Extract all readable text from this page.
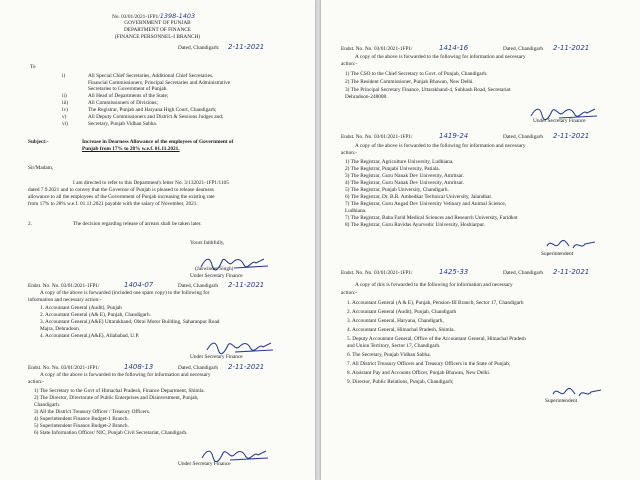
No. 03/01/2021-1FP1/1398-1403
GOVERNMENT OF PUNJAB
DEPARTMENT OF FINANCE
(FINANCE PERSONNEL-I BRANCH)
Dated, Chandigarh: 2-11-2021
To
i)	All Special Chief Secretaries, Additional Chief Secretaries,
Financial Commissioners, Principal Secretaries and Administrative
Secretaries to Government of Punjab.
ii)	All Head of Departments of the State;
iii)	All Commissioners of Divisions;
iv)	The Registrar, Punjab and Haryana High Court, Chandigarh;
v)	All Deputy Commissioners and District & Sessions Judges and;
vi)	Secretary, Punjab Vidhan Sabha.
Subject:-	Increase in Dearness Allowance of the employees of Government of
Punjab from 17% to 28% w.e.f. 01.11.2021.
Sir/Madam,
I am directed to refer to this Department's letter No. 3/132021-1FP1/1105
dated 7.9.2021 and to convey that the Governor of Punjab is pleased to release dearness
allowance to all the employees of the Government of Punjab increasing the existing rate
from 17% to 28% w.e.f. 01.11.2021 payable with the salary of November, 2021.
2.	The decision regarding release of arrears shall be taken later.
Yours faithfully,
(Jaswinder Singh)
Under Secretary Finance
Endst. No. No. 03/01/2021-1FP1/	1404-07	Dated, Chandigarh 2-11-2021
A copy of the above is forwarded (included one spare copy) to the following for
information and necessary action:-
1. Accountant General (Audit), Punjab
2. Accountant General (A& E), Punjab, Chandigarh.
3. Accountant General,(A&E) Uttarakhand, Obrai Motor Building, Saharanpur Road
Majra, Dehradoon.
4. Accountant General,(A&E), Allahabad, U.P.
Under Secretary Finance
Endst. No. No. 03/01/2021-1FP1/	1408-13	Dated, Chandigarh 2-11-2021
A copy of the above is forwarded to the following for information and necessary
action:-
1) The Secretary to the Govt of Himachal Pradesh, Finance Department, Shimla.
2) The Director, Directorate of Public Enterprises and Disinvestment, Punjab,
Chandigarh.
3) All the District Treasury Officer / Treasury Officers.
4) Superintendent Finance Budget-1 Branch.
5) Superintendent Finance Budget-2 Branch.
6) State Information Officer/ NIC, Punjab Civil Secretariat, Chandigarh.
Under Secretary Finance
Endst. No. No. 03/01/2021-1FP1/	1414-16	Dated, Chandigarh 2-11-2021
A copy of the above is forwarded to the following for information and necessary
action:-
1) The CSO to the Chief Secretary to Govt. of Punjab, Chandigarh.
2) The Resident Commissioner, Punjab Bhawan, New Delhi.
3) The Principal Secretary Finance, Uttarakhand-4, Subhash Road, Secretariat
Dehradoon-248008.
Under Secretary Finance
Endst. No. No. 03/01/2021-1FP1/	1419-24	Dated, Chandigarh 2-11-2021
A copy of the above is forwarded to the following for information and necessary
action:-
1) The Registrar, Agriculture University, Ludhiana.
2) The Registrar, Punjabi University, Patiala.
3) The Registrar, Guru Nanak Dev University, Amritsar.
4) The Registrar, Guru Nanak Dev University, Amritsar.
5) The Registrar, Punjab University, Chandigarh.
6) The Registrar, Dr. B.R. Ambedkar Technical University, Jalandhar.
7) The Registrar, Guru Angad Dev University Vetinary and Animal Science,
Ludhiana.
7) The Registrar, Baba Farid Medical Sciences and Research University, Faridkot
8) The Registrar, Guru Ravidas Ayurvedic University, Hoshiarpur.
Superintendent
Endst. No. No. 03/01/2021-1FP1/	1425-33	Dated, Chandigarh 2-11-2021
A copy of this is forwarded to the following for information and necessary
action:-
1. Accountant General (A & E), Punjab, Pension-III Branch, Sector 17, Chandigarh
2. Accountant General (Audit), Punjab, Chandigarh
3. Accountant General, Haryana, Chandigarh,
4. Accountant General, Himachal Pradesh, Shimla.
5. Deputy Accountant General, Office of the Accountant General, Himachal Pradesh
and Union Territory, Sector 17, Chandigarh.
6. The Secretary, Punjab Vidhan Sabha.
7. All District Treasury Officers and Treasury Officers in the State of Punjab;
8. Assistant Pay and Accounts Officer, Punjab Bhawan, New Delhi.
9. Director, Public Relations, Punjab, Chandigarh;
Superintendent
